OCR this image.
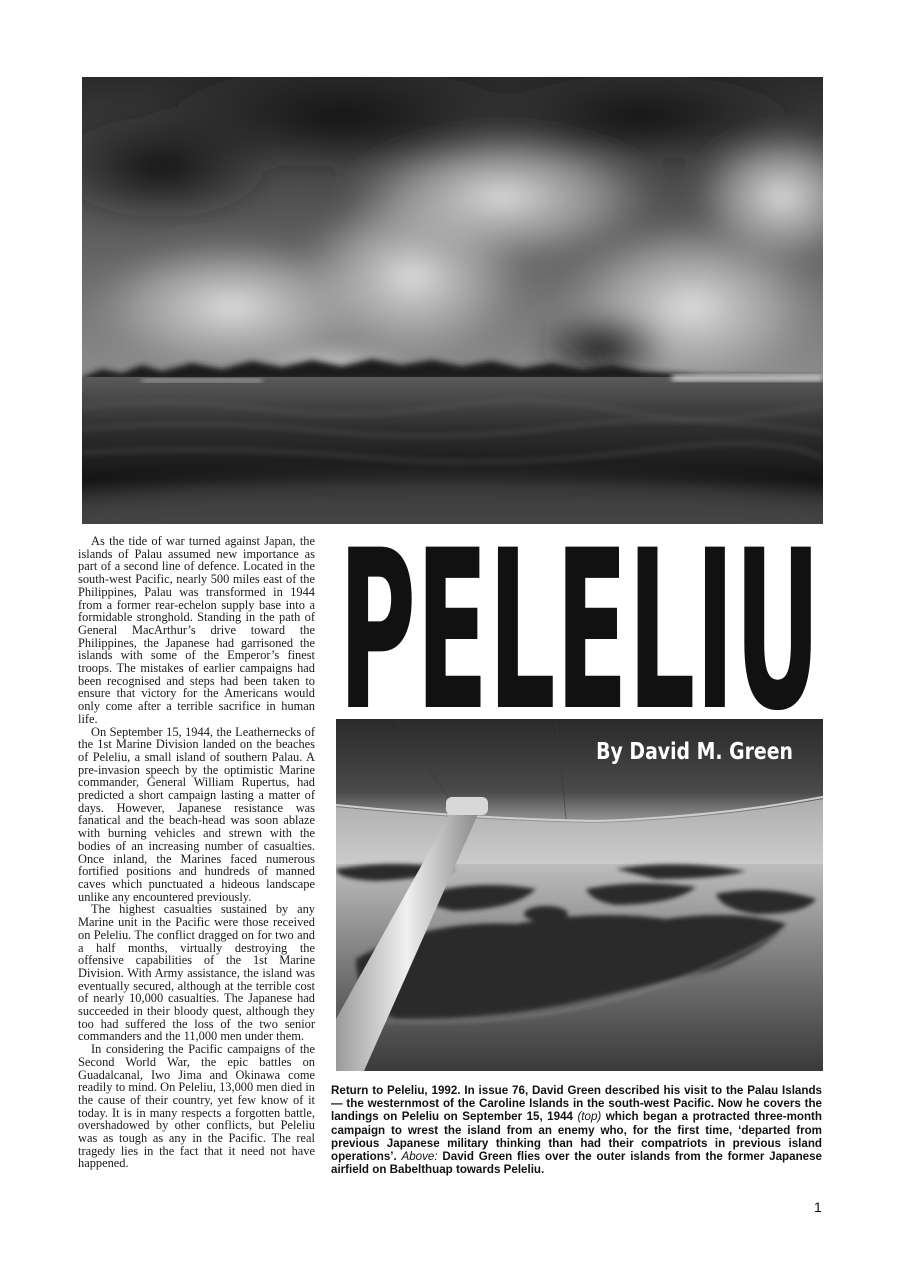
As the tide of war turned against Japan, the islands of Palau assumed new importance as part of a second line of defence. Located in the south-west Pacific, nearly 500 miles east of the Philippines, Palau was transformed in 1944 from a former rear-echelon supply base into a formidable stronghold. Standing in the path of General MacArthur’s drive toward the Philippines, the Japanese had garrisoned the islands with some of the Emperor’s finest troops. The mistakes of earlier campaigns had been recognised and steps had been taken to ensure that victory for the Americans would only come after a terrible sacrifice in human life.

On September 15, 1944, the Leathernecks of the 1st Marine Division landed on the beaches of Peleliu, a small island of southern Palau. A pre-invasion speech by the optimistic Marine commander, General William Rupertus, had predicted a short campaign lasting a matter of days. However, Japanese resistance was fanatical and the beach-head was soon ablaze with burning vehicles and strewn with the bodies of an increasing number of casualties. Once inland, the Marines faced numerous fortified positions and hundreds of manned caves which punctuated a hideous landscape unlike any encountered previously.

The highest casualties sustained by any Marine unit in the Pacific were those received on Peleliu. The conflict dragged on for two and a half months, virtually destroying the offensive capabilities of the 1st Marine Division. With Army assistance, the island was eventually secured, although at the terrible cost of nearly 10,000 casualties. The Japanese had succeeded in their bloody quest, although they too had suffered the loss of the two senior commanders and the 11,000 men under them.

In considering the Pacific campaigns of the Second World War, the epic battles on Guadalcanal, Iwo Jima and Okinawa come readily to mind. On Peleliu, 13,000 men died in the cause of their country, yet few know of it today. It is in many respects a forgotten battle, overshadowed by other conflicts, but Peleliu was as tough as any in the Pacific. The real tragedy lies in the fact that it need not have happened.

PELELIU
By David M. Green

Return to Peleliu, 1992. In issue 76, David Green described his visit to the Palau Islands — the westernmost of the Caroline Islands in the south-west Pacific. Now he covers the landings on Peleliu on September 15, 1944 (top) which began a protracted three-month campaign to wrest the island from an enemy who, for the first time, ‘departed from previous Japanese military thinking than had their compatriots in previous island operations’. Above: David Green flies over the outer islands from the former Japanese airfield on Babelthuap towards Peleliu.

1
